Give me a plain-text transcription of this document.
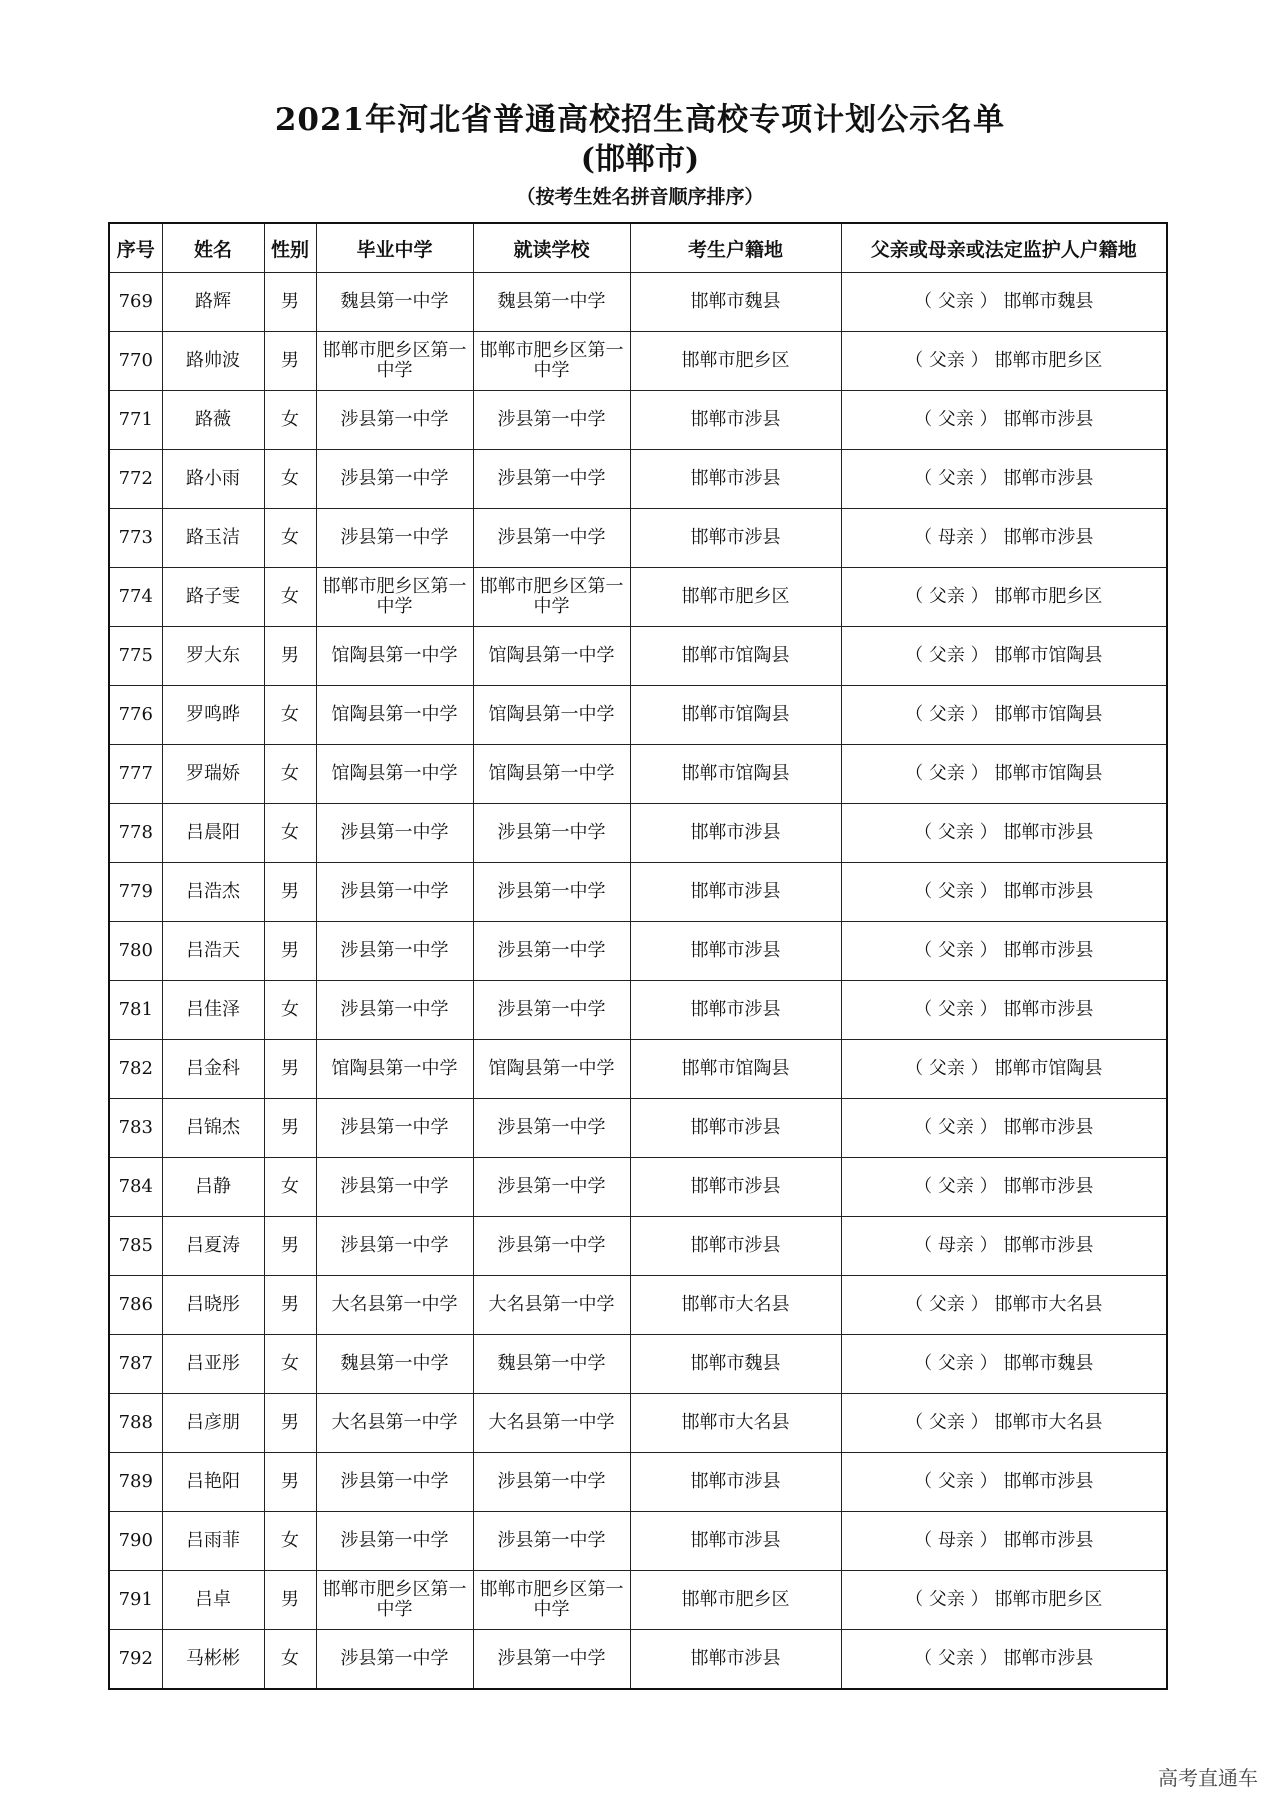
2021年河北省普通高校招生高校专项计划公示名单
(邯郸市)
（按考生姓名拼音顺序排序）
序号	姓名	性别	毕业中学	就读学校	考生户籍地	父亲或母亲或法定监护人户籍地
769	路辉	男	魏县第一中学	魏县第一中学	邯郸市魏县	（ 父亲 ） 邯郸市魏县
770	路帅波	男	邯郸市肥乡区第一中学	邯郸市肥乡区第一中学	邯郸市肥乡区	（ 父亲 ） 邯郸市肥乡区
771	路薇	女	涉县第一中学	涉县第一中学	邯郸市涉县	（ 父亲 ） 邯郸市涉县
772	路小雨	女	涉县第一中学	涉县第一中学	邯郸市涉县	（ 父亲 ） 邯郸市涉县
773	路玉洁	女	涉县第一中学	涉县第一中学	邯郸市涉县	（ 母亲 ） 邯郸市涉县
774	路子雯	女	邯郸市肥乡区第一中学	邯郸市肥乡区第一中学	邯郸市肥乡区	（ 父亲 ） 邯郸市肥乡区
775	罗大东	男	馆陶县第一中学	馆陶县第一中学	邯郸市馆陶县	（ 父亲 ） 邯郸市馆陶县
776	罗鸣晔	女	馆陶县第一中学	馆陶县第一中学	邯郸市馆陶县	（ 父亲 ） 邯郸市馆陶县
777	罗瑞娇	女	馆陶县第一中学	馆陶县第一中学	邯郸市馆陶县	（ 父亲 ） 邯郸市馆陶县
778	吕晨阳	女	涉县第一中学	涉县第一中学	邯郸市涉县	（ 父亲 ） 邯郸市涉县
779	吕浩杰	男	涉县第一中学	涉县第一中学	邯郸市涉县	（ 父亲 ） 邯郸市涉县
780	吕浩天	男	涉县第一中学	涉县第一中学	邯郸市涉县	（ 父亲 ） 邯郸市涉县
781	吕佳泽	女	涉县第一中学	涉县第一中学	邯郸市涉县	（ 父亲 ） 邯郸市涉县
782	吕金科	男	馆陶县第一中学	馆陶县第一中学	邯郸市馆陶县	（ 父亲 ） 邯郸市馆陶县
783	吕锦杰	男	涉县第一中学	涉县第一中学	邯郸市涉县	（ 父亲 ） 邯郸市涉县
784	吕静	女	涉县第一中学	涉县第一中学	邯郸市涉县	（ 父亲 ） 邯郸市涉县
785	吕夏涛	男	涉县第一中学	涉县第一中学	邯郸市涉县	（ 母亲 ） 邯郸市涉县
786	吕晓彤	男	大名县第一中学	大名县第一中学	邯郸市大名县	（ 父亲 ） 邯郸市大名县
787	吕亚彤	女	魏县第一中学	魏县第一中学	邯郸市魏县	（ 父亲 ） 邯郸市魏县
788	吕彦朋	男	大名县第一中学	大名县第一中学	邯郸市大名县	（ 父亲 ） 邯郸市大名县
789	吕艳阳	男	涉县第一中学	涉县第一中学	邯郸市涉县	（ 父亲 ） 邯郸市涉县
790	吕雨菲	女	涉县第一中学	涉县第一中学	邯郸市涉县	（ 母亲 ） 邯郸市涉县
791	吕卓	男	邯郸市肥乡区第一中学	邯郸市肥乡区第一中学	邯郸市肥乡区	（ 父亲 ） 邯郸市肥乡区
792	马彬彬	女	涉县第一中学	涉县第一中学	邯郸市涉县	（ 父亲 ） 邯郸市涉县
高考直通车
